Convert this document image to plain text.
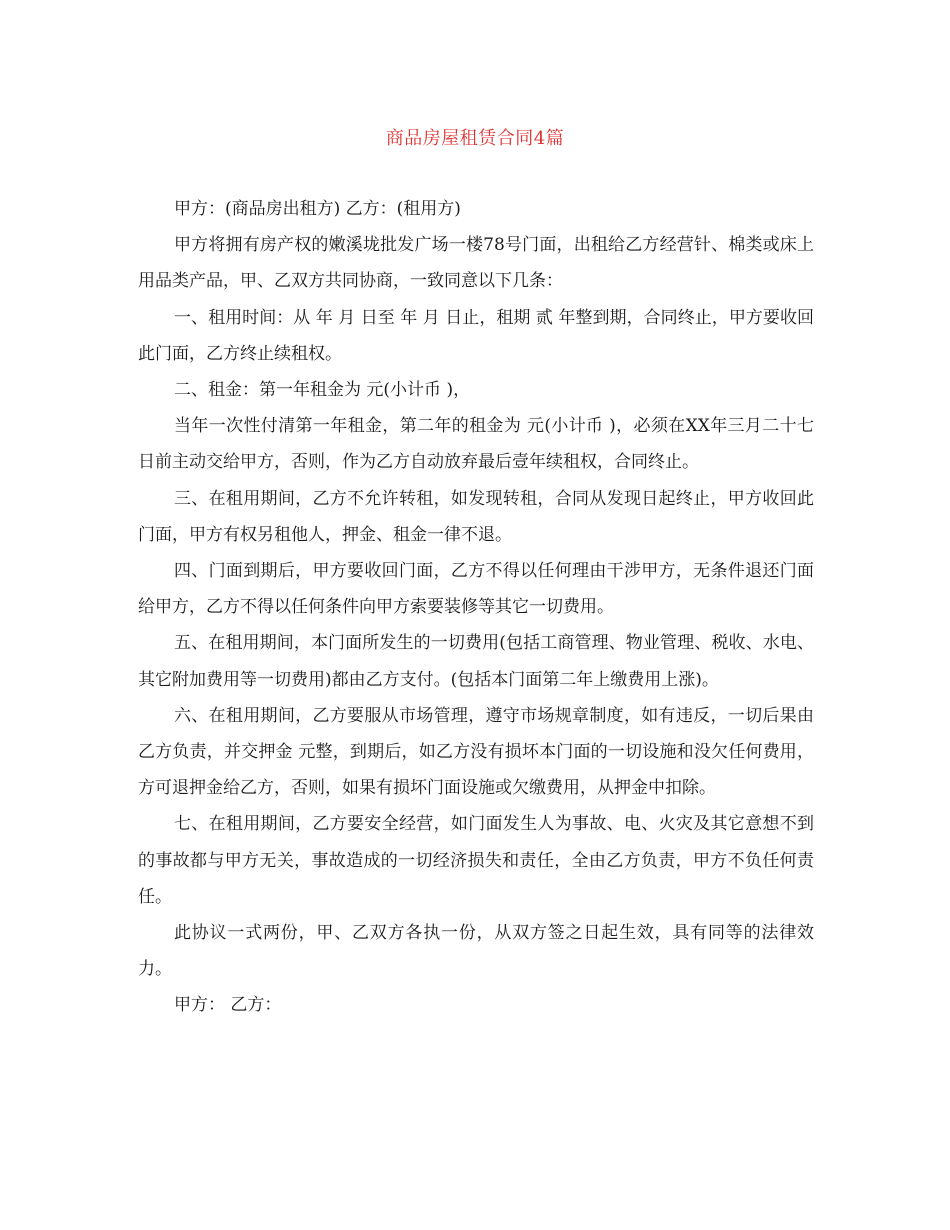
商品房屋租赁合同4篇

甲方：(商品房出租方) 乙方：(租用方)

甲方将拥有房产权的嫩溪垅批发广场一楼78号门面，出租给乙方经营针、棉类或床上用品类产品，甲、乙双方共同协商，一致同意以下几条：

一、租用时间：从 年 月 日至 年 月 日止，租期 贰 年整到期，合同终止，甲方要收回此门面，乙方终止续租权。

二、租金：第一年租金为 元(小计币 )，

当年一次性付清第一年租金，第二年的租金为 元(小计币 )，必须在XX年三月二十七日前主动交给甲方，否则，作为乙方自动放弃最后壹年续租权，合同终止。

三、在租用期间，乙方不允许转租，如发现转租，合同从发现日起终止，甲方收回此门面，甲方有权另租他人，押金、租金一律不退。

四、门面到期后，甲方要收回门面，乙方不得以任何理由干涉甲方，无条件退还门面给甲方，乙方不得以任何条件向甲方索要装修等其它一切费用。

五、在租用期间，本门面所发生的一切费用(包括工商管理、物业管理、税收、水电、其它附加费用等一切费用)都由乙方支付。(包括本门面第二年上缴费用上涨)。

六、在租用期间，乙方要服从市场管理，遵守市场规章制度，如有违反，一切后果由乙方负责，并交押金 元整，到期后，如乙方没有损坏本门面的一切设施和没欠任何费用，方可退押金给乙方，否则，如果有损坏门面设施或欠缴费用，从押金中扣除。

七、在租用期间，乙方要安全经营，如门面发生人为事故、电、火灾及其它意想不到的事故都与甲方无关，事故造成的一切经济损失和责任，全由乙方负责，甲方不负任何责任。

此协议一式两份，甲、乙双方各执一份，从双方签之日起生效，具有同等的法律效力。

甲方： 乙方：
